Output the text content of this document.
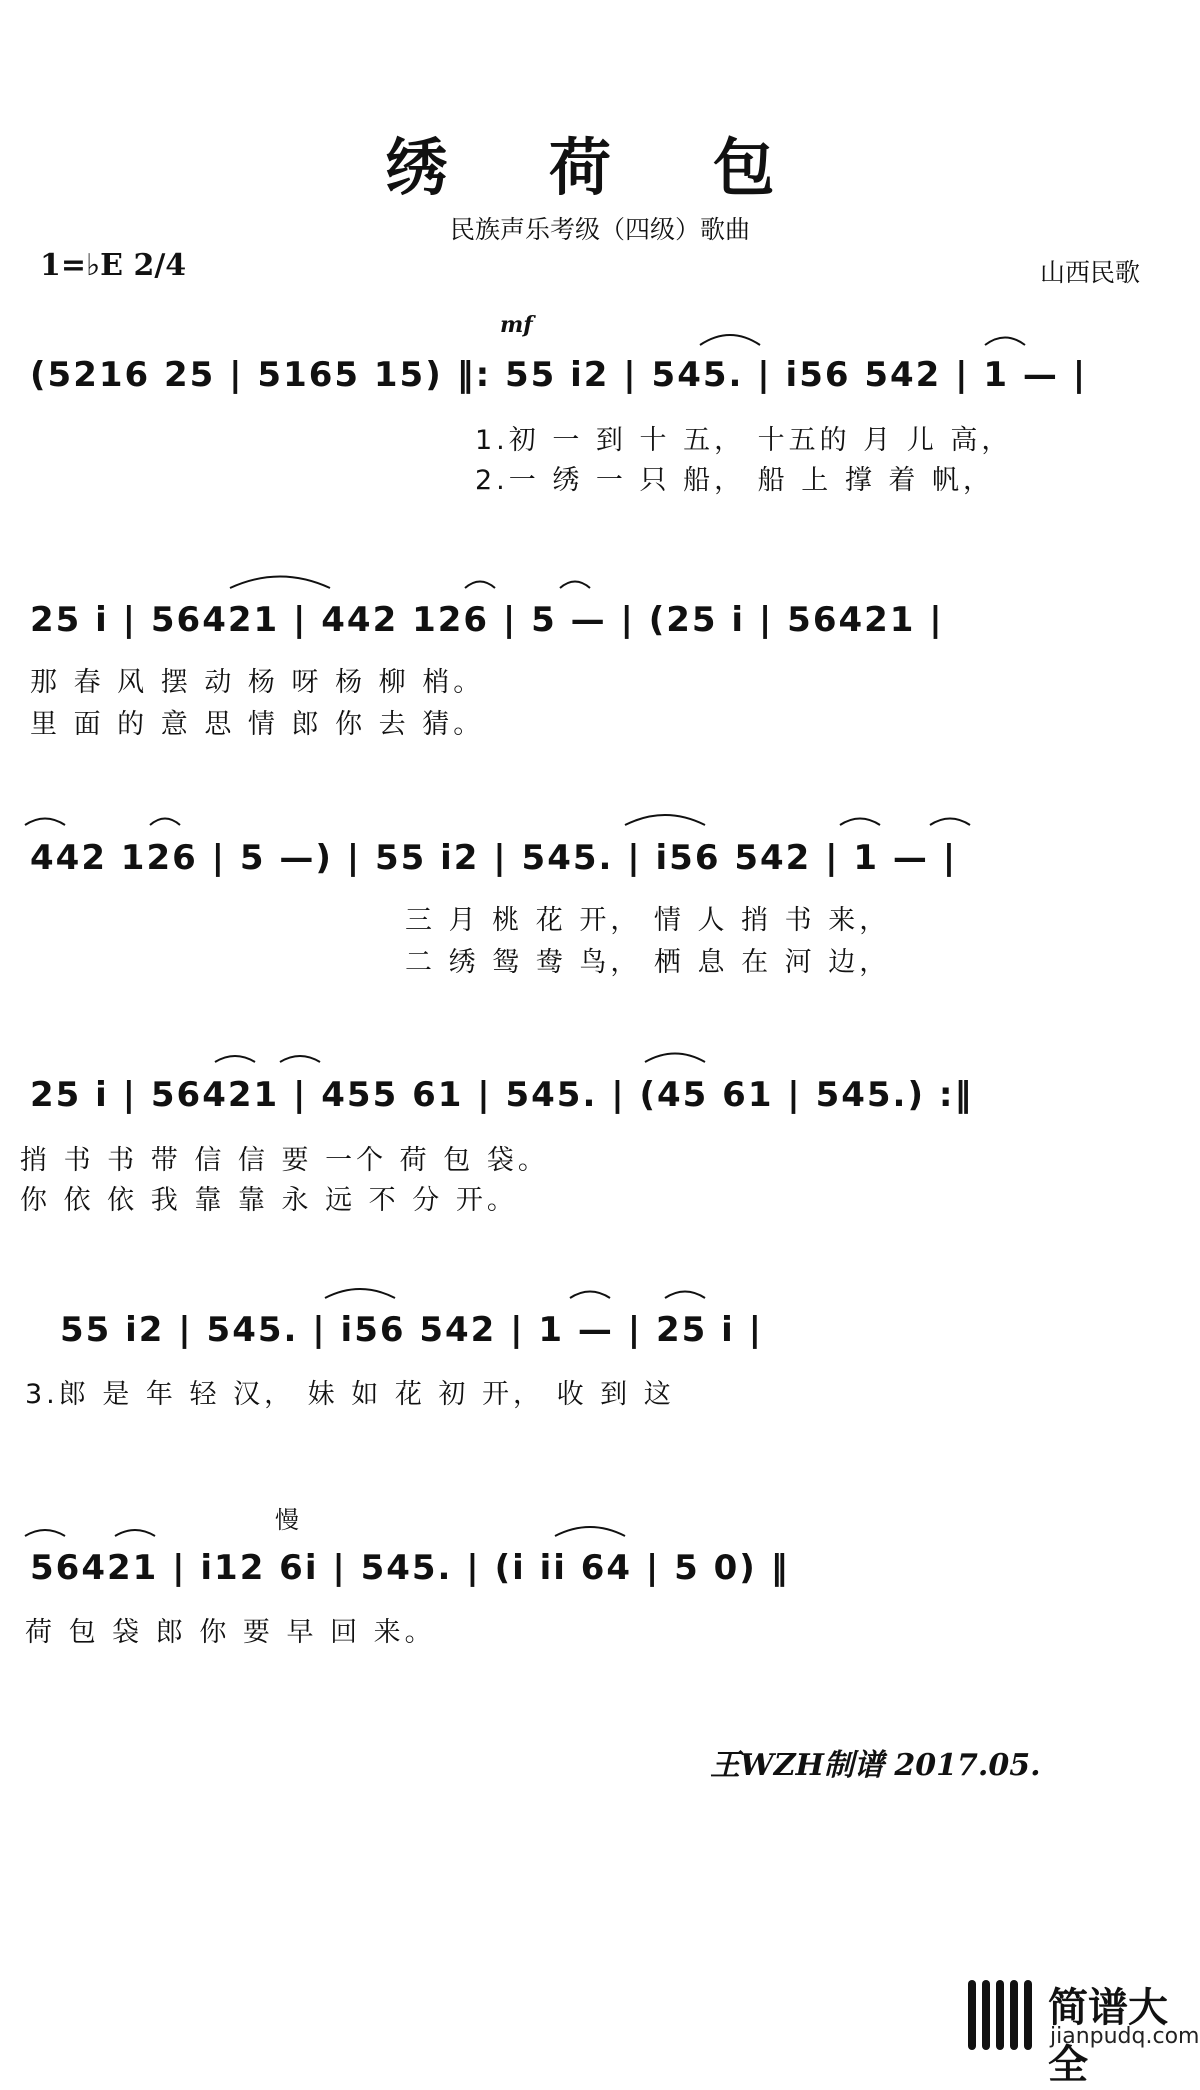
绣 荷 包
民族声乐考级（四级）歌曲
1=♭E 2/4	山西民歌
mf
慢
(5216 25 | 5165 15) ‖: 55 i2 | 545. | i56 542 | 1 — |
1.初 一 到 十 五， 十五的 月 儿 高，
2.一 绣 一 只 船， 船 上 撑 着 帆，
25 i | 56421 | 442 126 | 5 — | (25 i | 56421 |
那 春 风 摆 动 杨 呀 杨 柳 梢。
里 面 的 意 思 情 郎 你 去 猜。
442 126 | 5 —) | 55 i2 | 545. | i56 542 | 1 — |
三 月 桃 花 开， 情 人 捎 书 来，
二 绣 鸳 鸯 鸟， 栖 息 在 河 边，
25 i | 56421 | 455 61 | 545. | (45 61 | 545.) :‖
捎 书 书 带 信 信 要 一个 荷 包 袋。
你 依 依 我 靠 靠 永 远 不 分 开。
55 i2 | 545. | i56 542 | 1 — | 25 i |
3.郎 是 年 轻 汉， 妹 如 花 初 开， 收 到 这
56421 | i12 6i | 545. | (i ii 64 | 5 0) ‖
荷 包 袋 郎 你 要 早 回 来。
王WZH制谱 2017.05.
简谱大全
jianpudq.com
